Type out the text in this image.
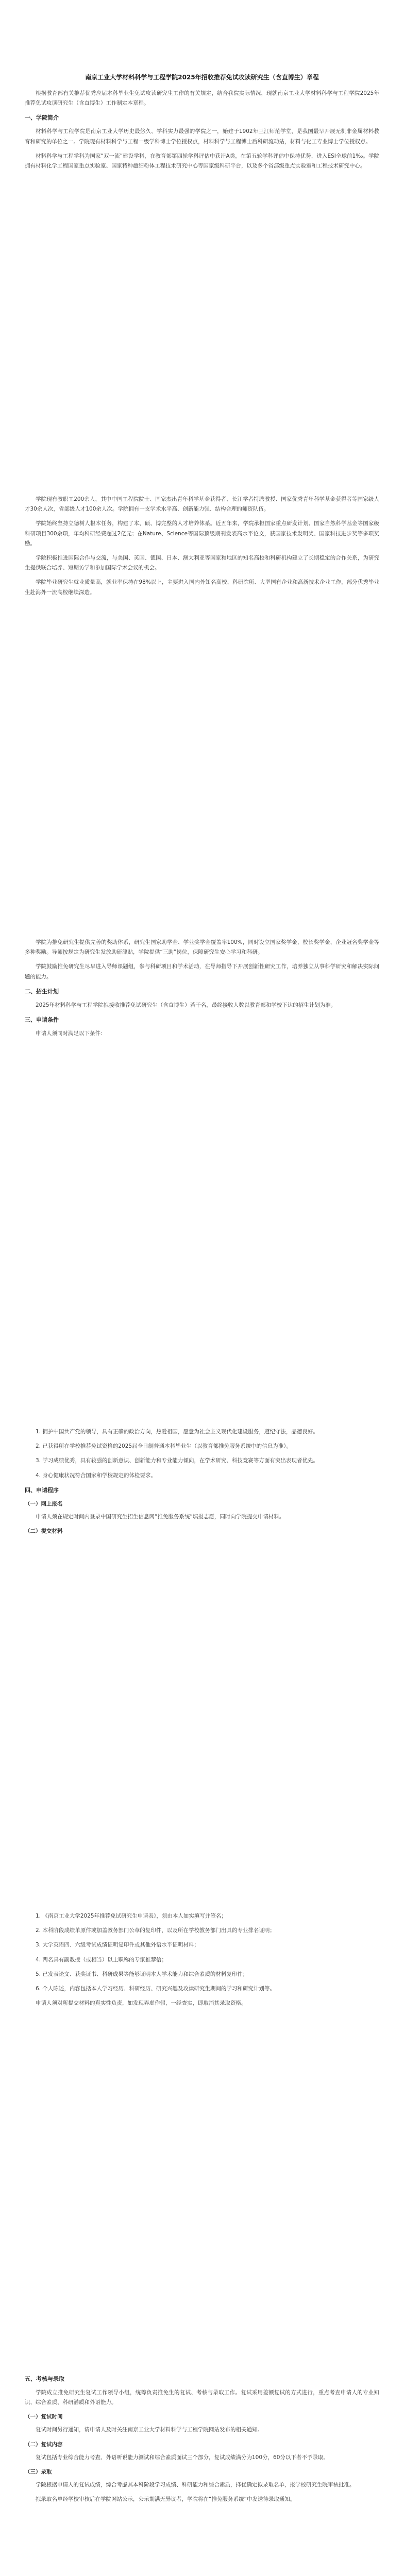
南京工业大学材料科学与工程学院2025年招收推荐免试攻读研究生（含直博生）章程

根据教育部有关推荐优秀应届本科毕业生免试攻读研究生工作的有关规定，结合我院实际情况，现就南京工业大学材料科学与工程学院2025年推荐免试攻读研究生（含直博生）工作制定本章程。

一、学院简介

材料科学与工程学院是南京工业大学历史最悠久、学科实力最强的学院之一，始建于1902年三江师范学堂，是我国最早开展无机非金属材料教育和研究的单位之一。学院现有材料科学与工程一级学科博士学位授权点，材料科学与工程博士后科研流动站，材料与化工专业博士学位授权点。

材料科学与工程学科为国家“双一流”建设学科，在教育部第四轮学科评估中获评A类，在第五轮学科评估中保持优势，进入ESI全球前1‰。学院拥有材料化学工程国家重点实验室、国家特种超细粉体工程技术研究中心等国家级科研平台，以及多个省部级重点实验室和工程技术研究中心。

学院现有教职工200余人，其中中国工程院院士、国家杰出青年科学基金获得者、长江学者特聘教授、国家优秀青年科学基金获得者等国家级人才30余人次，省部级人才100余人次。学院拥有一支学术水平高、创新能力强、结构合理的师资队伍。

学院始终坚持立德树人根本任务，构建了本、硕、博完整的人才培养体系。近五年来，学院承担国家重点研发计划、国家自然科学基金等国家级科研项目300余项，年均科研经费超过2亿元；在Nature、Science等国际顶级期刊发表高水平论文，获国家技术发明奖、国家科技进步奖等多项奖励。

学院积极推进国际合作与交流，与美国、英国、德国、日本、澳大利亚等国家和地区的知名高校和科研机构建立了长期稳定的合作关系，为研究生提供联合培养、短期访学和参加国际学术会议的机会。

学院毕业研究生就业质量高，就业率保持在98%以上，主要进入国内外知名高校、科研院所、大型国有企业和高新技术企业工作，部分优秀毕业生赴海外一流高校继续深造。

学院为推免研究生提供完善的奖助体系，研究生国家助学金、学业奖学金覆盖率100%，同时设立国家奖学金、校长奖学金、企业冠名奖学金等多种奖励。导师按规定为研究生发放助研津贴，学院提供“三助”岗位，保障研究生安心学习和科研。

学院鼓励推免研究生尽早进入导师课题组，参与科研项目和学术活动，在导师指导下开展创新性研究工作，培养独立从事科学研究和解决实际问题的能力。

二、招生计划

2025年材料科学与工程学院拟接收推荐免试研究生（含直博生）若干名，最终接收人数以教育部和学校下达的招生计划为准。

三、申请条件

申请人须同时满足以下条件：

1. 拥护中国共产党的领导，具有正确的政治方向，热爱祖国，愿意为社会主义现代化建设服务，遵纪守法，品德良好。

2. 已获得所在学校推荐免试资格的2025届全日制普通本科毕业生（以教育部推免服务系统中的信息为准）。

3. 学习成绩优秀，具有较强的创新意识、创新能力和专业能力倾向，在学术研究、科技竞赛等方面有突出表现者优先。

4. 身心健康状况符合国家和学校规定的体检要求。

四、申请程序
（一）网上报名

申请人须在规定时间内登录中国研究生招生信息网“推免服务系统”填报志愿，同时向学院提交申请材料。

（二）提交材料

1. 《南京工业大学2025年推荐免试研究生申请表》，须由本人如实填写并签名；

2. 本科阶段成绩单原件或加盖教务部门公章的复印件，以及所在学校教务部门出具的专业排名证明；

3. 大学英语四、六级考试成绩证明复印件或其他外语水平证明材料；

4. 两名具有副教授（或相当）以上职称的专家推荐信；

5. 已发表论文、获奖证书、科研成果等能够证明本人学术能力和综合素质的材料复印件；

6. 个人陈述，内容包括本人学习经历、科研经历、研究兴趣及攻读研究生期间的学习和研究计划等。

申请人须对所提交材料的真实性负责，如发现弄虚作假，一经查实，即取消其录取资格。

五、考核与录取

学院成立推免研究生复试工作领导小组，统筹负责推免生的复试、考核与录取工作。复试采用差额复试的方式进行，重点考查申请人的专业知识、综合素质、科研潜质和外语能力。

（一）复试时间

复试时间另行通知，请申请人及时关注南京工业大学材料科学与工程学院网站发布的相关通知。

（二）复试内容

复试包括专业综合能力考查、外语听说能力测试和综合素质面试三个部分，复试成绩满分为100分，60分以下者不予录取。

（三）录取

学院根据申请人的复试成绩，综合考虑其本科阶段学习成绩、科研能力和综合素质，择优确定拟录取名单，报学校研究生院审核批准。

拟录取名单经学校审核后在学院网站公示，公示期满无异议者，学院将在“推免服务系统”中发送待录取通知。
